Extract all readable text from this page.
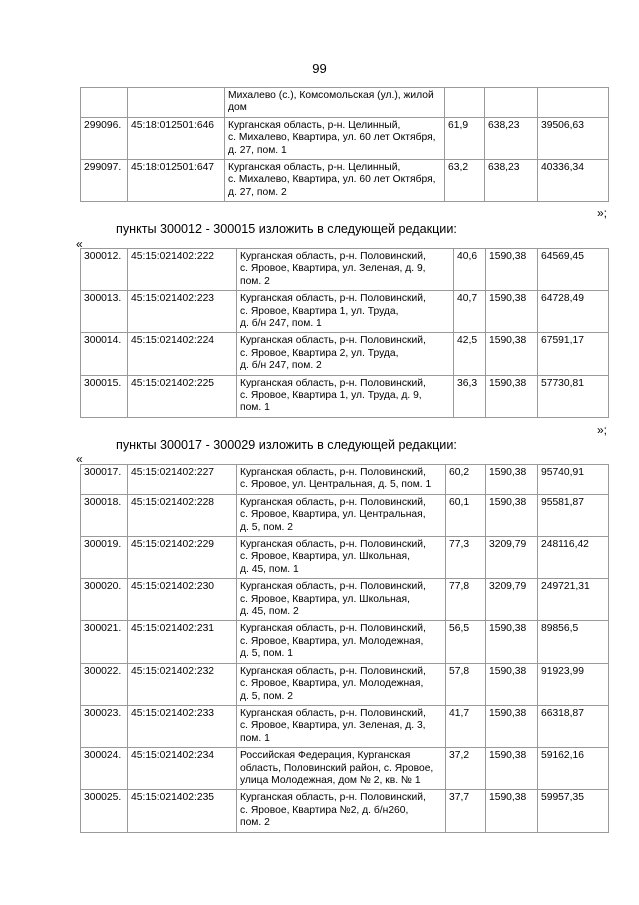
99
		Михалево (с.), Комсомольская (ул.), жилой
дом			
299096.	45:18:012501:646	Курганская область, р-н. Целинный,
с. Михалево, Квартира, ул. 60 лет Октября,
д. 27, пом. 1	61,9	638,23	39506,63
299097.	45:18:012501:647	Курганская область, р-н. Целинный,
с. Михалево, Квартира, ул. 60 лет Октября,
д. 27, пом. 2	63,2	638,23	40336,34
»;
пункты 300012 - 300015 изложить в следующей редакции:
«
300012.	45:15:021402:222	Курганская область, р-н. Половинский,
с. Яровое, Квартира, ул. Зеленая, д. 9,
пом. 2	40,6	1590,38	64569,45
300013.	45:15:021402:223	Курганская область, р-н. Половинский,
с. Яровое, Квартира 1, ул. Труда,
д. б/н 247, пом. 1	40,7	1590,38	64728,49
300014.	45:15:021402:224	Курганская область, р-н. Половинский,
с. Яровое, Квартира 2, ул. Труда,
д. б/н 247, пом. 2	42,5	1590,38	67591,17
300015.	45:15:021402:225	Курганская область, р-н. Половинский,
с. Яровое, Квартира 1, ул. Труда, д. 9,
пом. 1	36,3	1590,38	57730,81
»;
пункты 300017 - 300029 изложить в следующей редакции:
«
300017.	45:15:021402:227	Курганская область, р-н. Половинский,
с. Яровое, ул. Центральная, д. 5, пом. 1	60,2	1590,38	95740,91
300018.	45:15:021402:228	Курганская область, р-н. Половинский,
с. Яровое, Квартира, ул. Центральная,
д. 5, пом. 2	60,1	1590,38	95581,87
300019.	45:15:021402:229	Курганская область, р-н. Половинский,
с. Яровое, Квартира, ул. Школьная,
д. 45, пом. 1	77,3	3209,79	248116,42
300020.	45:15:021402:230	Курганская область, р-н. Половинский,
с. Яровое, Квартира, ул. Школьная,
д. 45, пом. 2	77,8	3209,79	249721,31
300021.	45:15:021402:231	Курганская область, р-н. Половинский,
с. Яровое, Квартира, ул. Молодежная,
д. 5, пом. 1	56,5	1590,38	89856,5
300022.	45:15:021402:232	Курганская область, р-н. Половинский,
с. Яровое, Квартира, ул. Молодежная,
д. 5, пом. 2	57,8	1590,38	91923,99
300023.	45:15:021402:233	Курганская область, р-н. Половинский,
с. Яровое, Квартира, ул. Зеленая, д. 3,
пом. 1	41,7	1590,38	66318,87
300024.	45:15:021402:234	Российская Федерация, Курганская
область, Половинский район, с. Яровое,
улица Молодежная, дом № 2, кв. № 1	37,2	1590,38	59162,16
300025.	45:15:021402:235	Курганская область, р-н. Половинский,
с. Яровое, Квартира №2, д. б/н260,
пом. 2	37,7	1590,38	59957,35
